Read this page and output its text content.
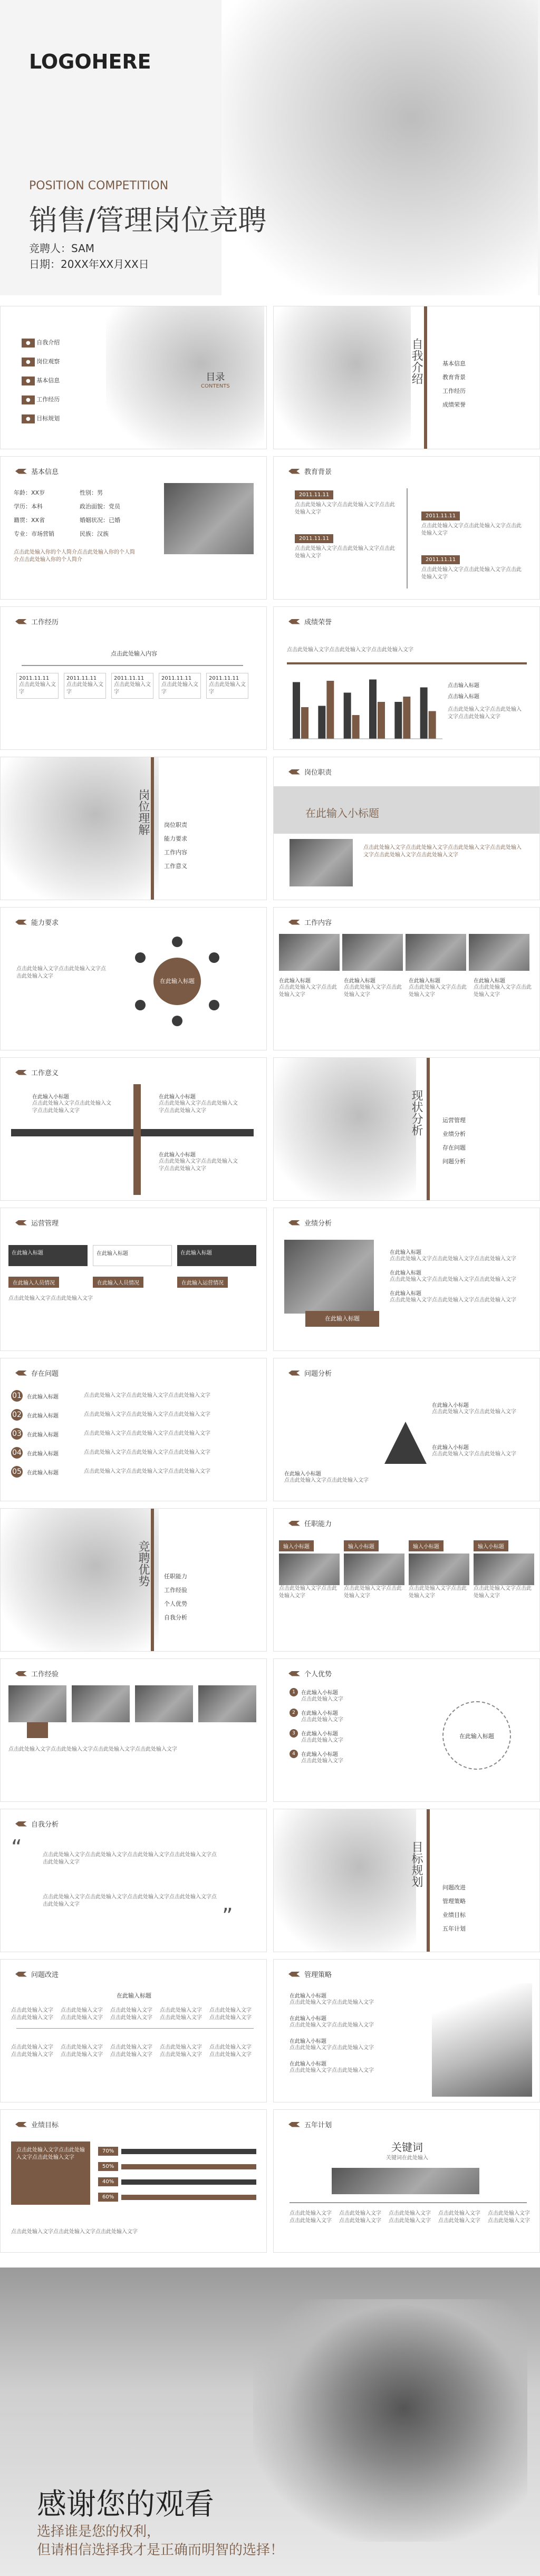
LOGOHERE
POSITION COMPETITION
销售/管理岗位竞聘
竞聘人：SAM
日期：20XX年XX月XX日
● 自我介绍
● 岗位观察
● 基本信息
● 工作经历
● 目标规划
目录
CONTENTS
自我介绍	基本信息
教育背景
工作经历
成绩荣誉
基本信息
年龄：XX岁	性别：男
学历：本科	政治面貌：党员
籍贯：XX省	婚姻状况：已婚
专业：市场营销	民族：汉族
点击此处输入你的个人简介点击此处输入你的个人简介点击此处输入你的个人简介
教育背景
2011.11.11
点击此处输入文字点击此处输入文字点击此处输入文字
2011.11.11
点击此处输入文字点击此处输入文字点击此处输入文字
2011.11.11
点击此处输入文字点击此处输入文字点击此处输入文字
2011.11.11
点击此处输入文字点击此处输入文字点击此处输入文字
工作经历
点击此处输入内容
2011.11.11
点击此处输入文字
2011.11.11
点击此处输入文字
2011.11.11
点击此处输入文字
2011.11.11
点击此处输入文字
2011.11.11
点击此处输入文字
成绩荣誉
点击此处输入文字点击此处输入文字点击此处输入文字
点击输入标题
点击输入标题
点击此处输入文字点击此处输入文字点击此处输入文字
岗位理解 岗位职责
能力要求
工作内容
工作意义
岗位职责
在此输入小标题
点击此处输入文字点击此处输入文字点击此处输入文字点击此处输入文字点击此处输入文字点击此处输入文字
能力要求
点击此处输入文字点击此处输入文字点击此处输入文字
在此输入标题
工作内容
在此输入标题
点击此处输入文字点击此处输入文字
在此输入标题
点击此处输入文字点击此处输入文字
在此输入标题
点击此处输入文字点击此处输入文字
在此输入标题
点击此处输入文字点击此处输入文字
工作意义
在此输入小标题
点击此处输入文字点击此处输入文字点击此处输入文字
在此输入小标题
点击此处输入文字点击此处输入文字点击此处输入文字
在此输入小标题
点击此处输入文字点击此处输入文字点击此处输入文字
现状分析	运营管理
业绩分析
存在问题
问题分析
运营管理
在此输入标题	在此输入标题	在此输入标题
在此输入人员情况	在此输入人员情况	在此输入运营情况
点击此处输入文字点击此处输入文字
业绩分析
在此输入标题
在此输入标题
点击此处输入文字点击此处输入文字点击此处输入文字
在此输入标题
点击此处输入文字点击此处输入文字点击此处输入文字
在此输入标题
点击此处输入文字点击此处输入文字点击此处输入文字
存在问题
01 在此输入标题	点击此处输入文字点击此处输入文字点击此处输入文字
02 在此输入标题	点击此处输入文字点击此处输入文字点击此处输入文字
03 在此输入标题	点击此处输入文字点击此处输入文字点击此处输入文字
04 在此输入标题	点击此处输入文字点击此处输入文字点击此处输入文字
05 在此输入标题	点击此处输入文字点击此处输入文字点击此处输入文字
问题分析
在此输入小标题
点击此处输入文字点击此处输入文字
在此输入小标题
点击此处输入文字点击此处输入文字
在此输入小标题
点击此处输入文字点击此处输入文字
竞聘优势 任职能力
工作经验
个人优势
自我分析
任职能力
输入小标题
点击此处输入文字点击此处输入文字
输入小标题
点击此处输入文字点击此处输入文字
输入小标题
点击此处输入文字点击此处输入文字
输入小标题
点击此处输入文字点击此处输入文字
工作经验
点击此处输入文字点击此处输入文字点击此处输入文字点击此处输入文字
个人优势
1	在此输入小标题
点击此处输入文字
2	在此输入小标题
点击此处输入文字
3	在此输入小标题
点击此处输入文字
4	在此输入小标题
点击此处输入文字
在此输入标题
自我分析
“	点击此处输入文字点击此处输入文字点击此处输入文字点击此处输入文字点击此处输入文字
点击此处输入文字点击此处输入文字点击此处输入文字点击此处输入文字点击此处输入文字	”
目标规划
问题改进
管理策略
业绩目标
五年计划
问题改进
在此输入标题
点击此处输入文字点击此处输入文字
点击此处输入文字点击此处输入文字
点击此处输入文字点击此处输入文字
点击此处输入文字点击此处输入文字
点击此处输入文字点击此处输入文字
点击此处输入文字点击此处输入文字
点击此处输入文字点击此处输入文字
点击此处输入文字点击此处输入文字
点击此处输入文字点击此处输入文字
点击此处输入文字点击此处输入文字
管理策略
在此输入小标题
点击此处输入文字点击此处输入文字
在此输入小标题
点击此处输入文字点击此处输入文字
在此输入小标题
点击此处输入文字点击此处输入文字
在此输入小标题
点击此处输入文字点击此处输入文字
业绩目标
点击此处输入文字点击此处输入文字点击此处输入文字
70%
50%
40%
60%
点击此处输入文字点击此处输入文字点击此处输入文字
五年计划
关键词
关键词在此处输入
点击此处输入文字点击此处输入文字
点击此处输入文字点击此处输入文字
点击此处输入文字点击此处输入文字
点击此处输入文字点击此处输入文字
点击此处输入文字点击此处输入文字
感谢您的观看
选择谁是您的权利，
但请相信选择我才是正确而明智的选择！
